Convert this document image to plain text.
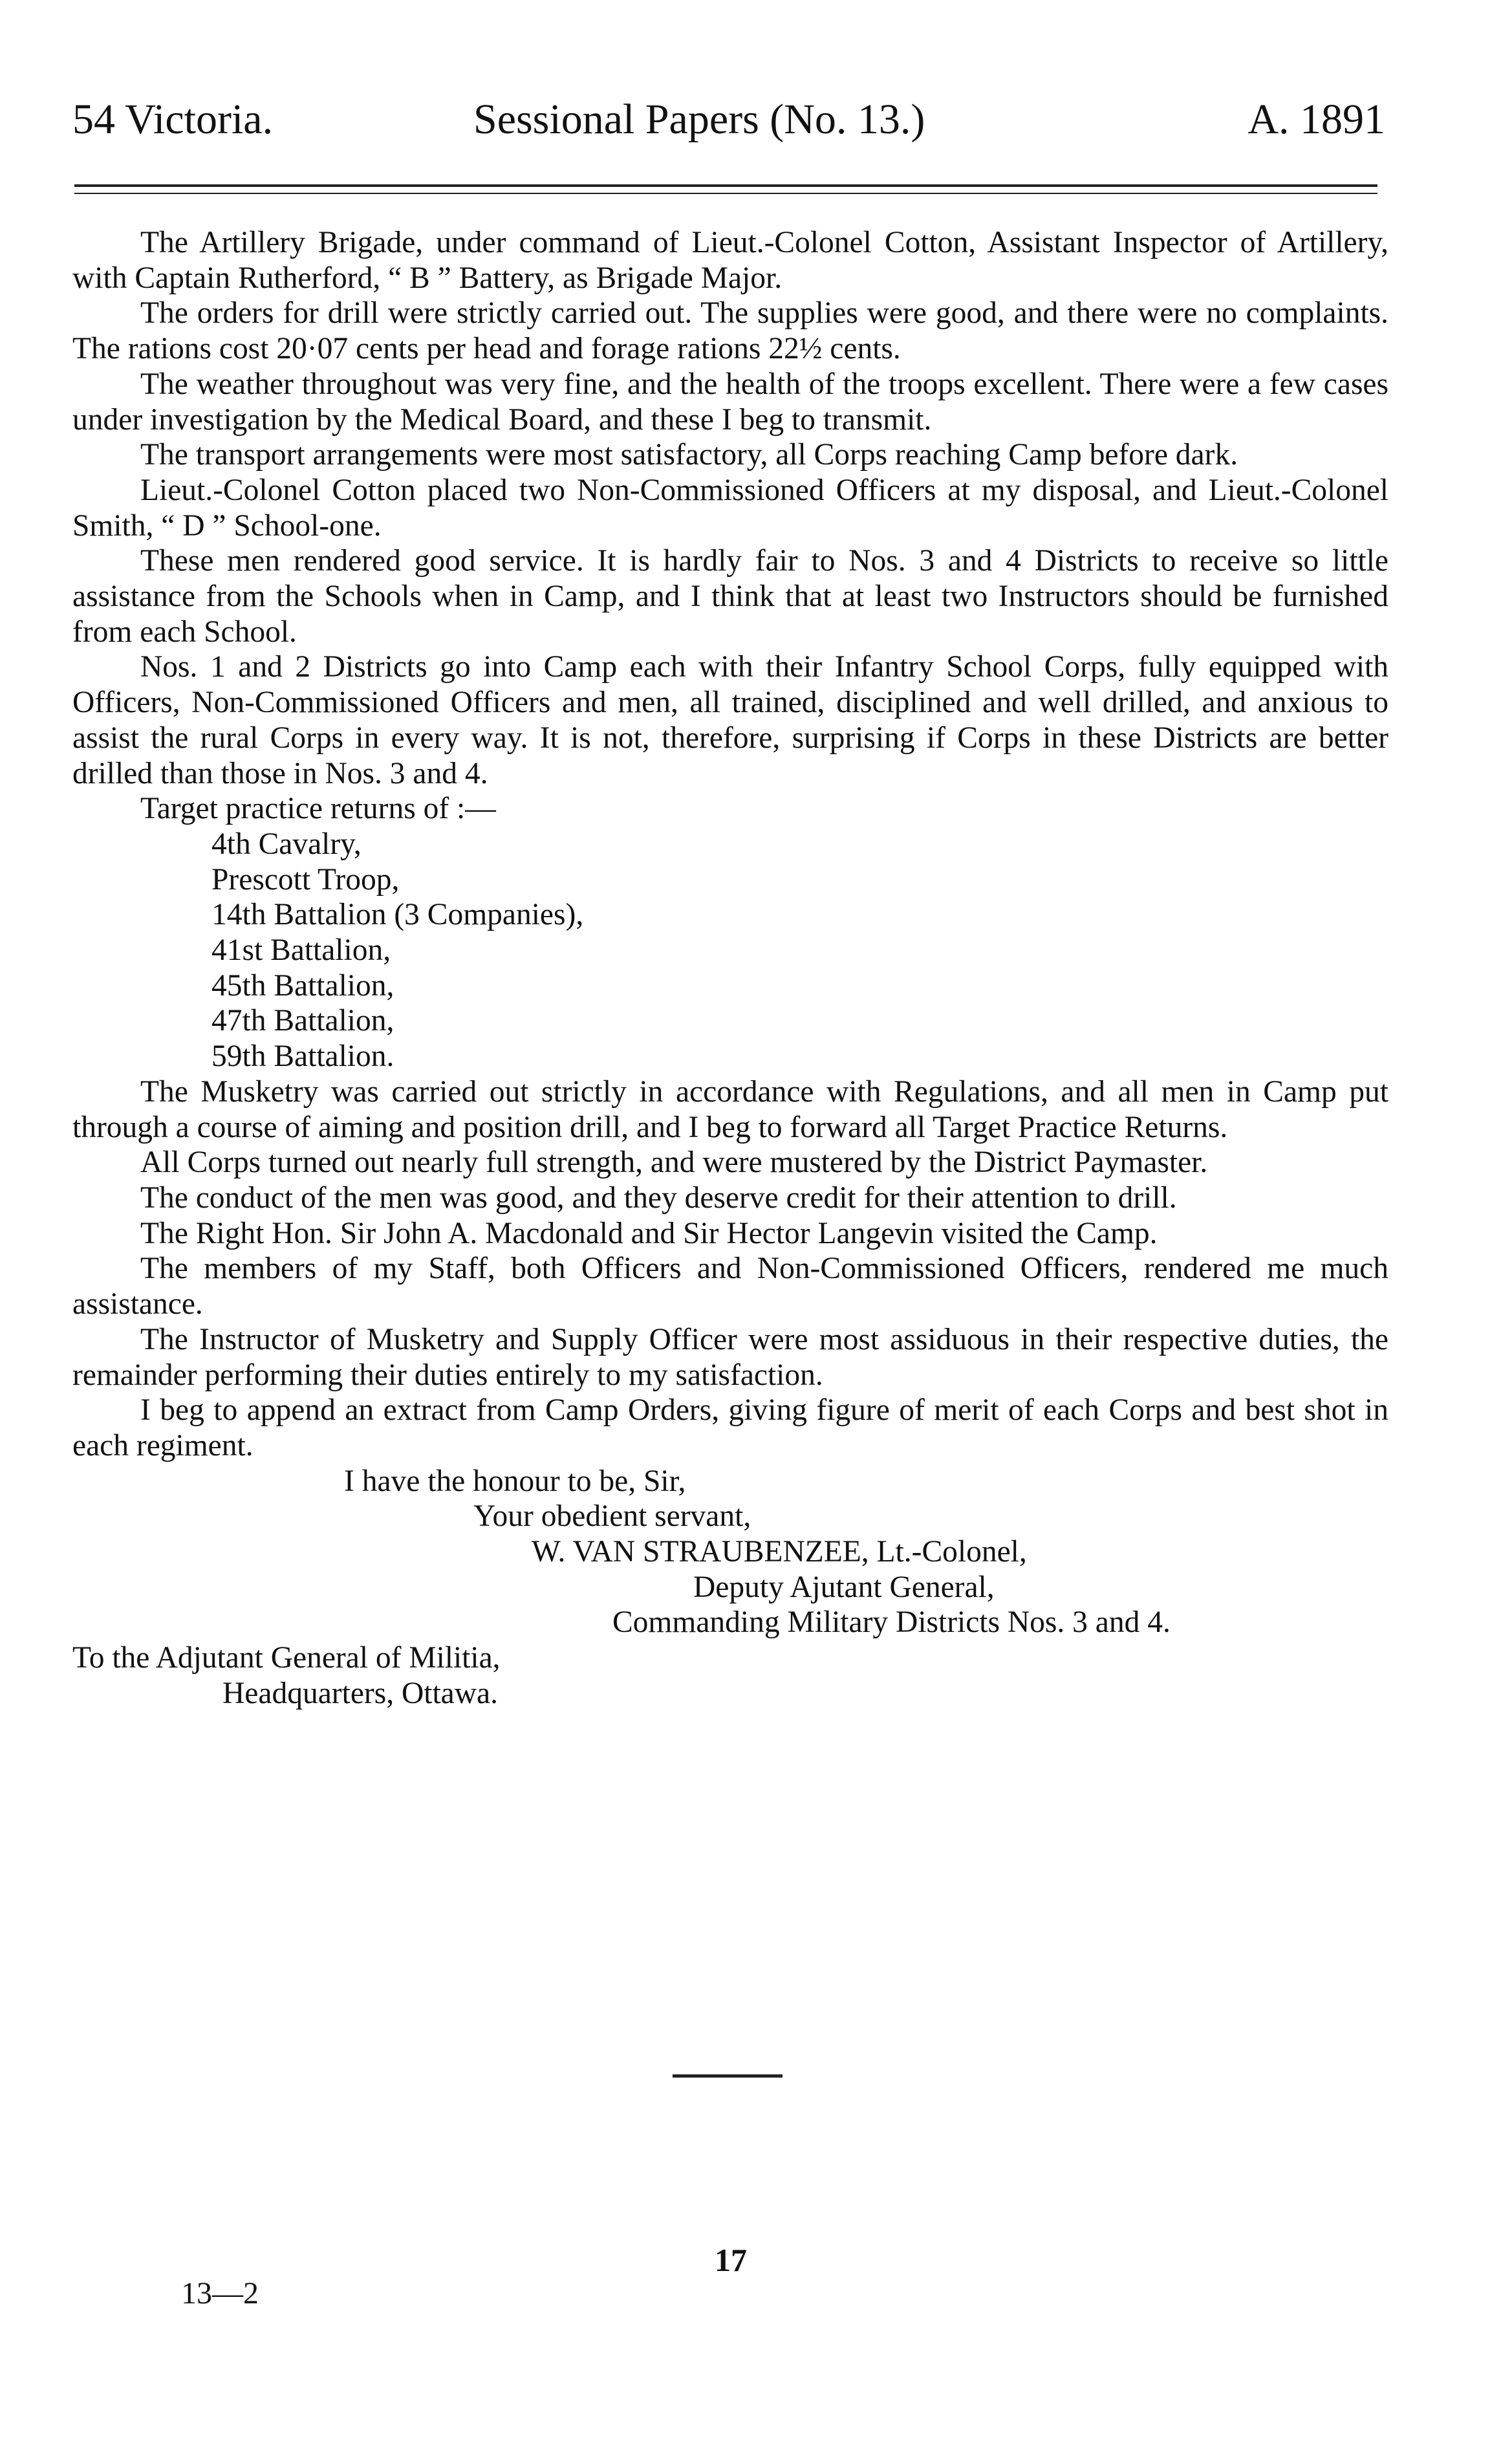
54 Victoria.	Sessional Papers (No. 13.)	A. 1891

The Artillery Brigade, under command of Lieut.-Colonel Cotton, Assistant Inspector of Artillery, with Captain Rutherford, “ B ” Battery, as Brigade Major.

The orders for drill were strictly carried out. The supplies were good, and there were no complaints. The rations cost 20·07 cents per head and forage rations 22½ cents.

The weather throughout was very fine, and the health of the troops excellent. There were a few cases under investigation by the Medical Board, and these I beg to transmit.

The transport arrangements were most satisfactory, all Corps reaching Camp before dark.

Lieut.-Colonel Cotton placed two Non-Commissioned Officers at my disposal, and Lieut.-Colonel Smith, “ D ” School-one.

These men rendered good service. It is hardly fair to Nos. 3 and 4 Districts to receive so little assistance from the Schools when in Camp, and I think that at least two Instructors should be furnished from each School.

Nos. 1 and 2 Districts go into Camp each with their Infantry School Corps, fully equipped with Officers, Non-Commissioned Officers and men, all trained, disciplined and well drilled, and anxious to assist the rural Corps in every way. It is not, therefore, surprising if Corps in these Districts are better drilled than those in Nos. 3 and 4.

Target practice returns of :—

4th Cavalry,
Prescott Troop,
14th Battalion (3 Companies),
41st Battalion,
45th Battalion,
47th Battalion,
59th Battalion.

The Musketry was carried out strictly in accordance with Regulations, and all men in Camp put through a course of aiming and position drill, and I beg to forward all Target Practice Returns.

All Corps turned out nearly full strength, and were mustered by the District Paymaster.

The conduct of the men was good, and they deserve credit for their attention to drill.

The Right Hon. Sir John A. Macdonald and Sir Hector Langevin visited the Camp.

The members of my Staff, both Officers and Non-Commissioned Officers, rendered me much assistance.

The Instructor of Musketry and Supply Officer were most assiduous in their respective duties, the remainder performing their duties entirely to my satisfaction.

I beg to append an extract from Camp Orders, giving figure of merit of each Corps and best shot in each regiment.

I have the honour to be, Sir,
Your obedient servant,
W. VAN STRAUBENZEE, Lt.-Colonel,
Deputy Ajutant General,
Commanding Military Districts Nos. 3 and 4.
To the Adjutant General of Militia,
Headquarters, Ottawa.
17
13—2
